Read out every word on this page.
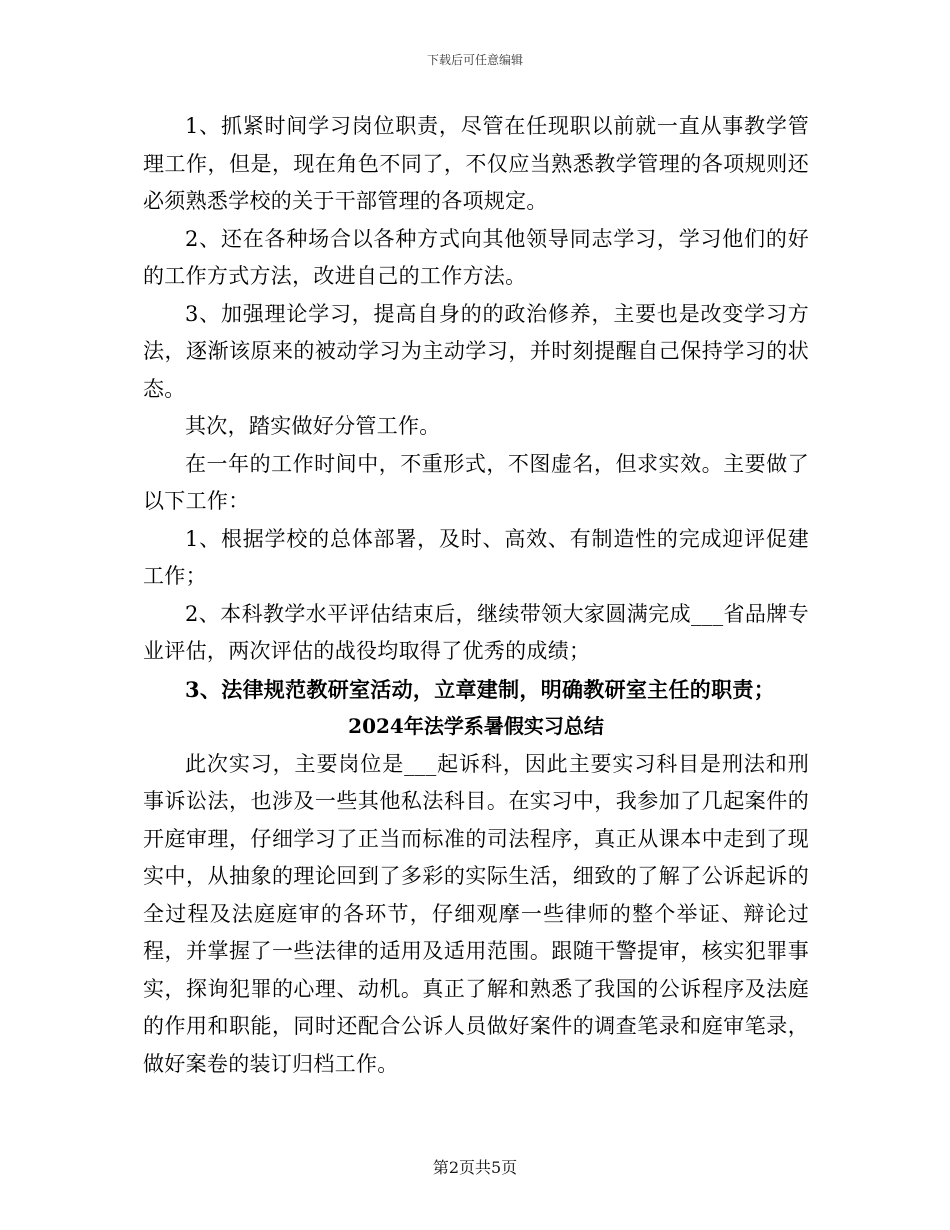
下载后可任意编辑

1、抓紧时间学习岗位职责，尽管在任现职以前就一直从事教学管理工作，但是，现在角色不同了，不仅应当熟悉教学管理的各项规则还必须熟悉学校的关于干部管理的各项规定。

2、还在各种场合以各种方式向其他领导同志学习，学习他们的好的工作方式方法，改进自己的工作方法。

3、加强理论学习，提高自身的的政治修养，主要也是改变学习方法，逐渐该原来的被动学习为主动学习，并时刻提醒自己保持学习的状态。

其次，踏实做好分管工作。

在一年的工作时间中，不重形式，不图虚名，但求实效。主要做了以下工作：

1、根据学校的总体部署，及时、高效、有制造性的完成迎评促建工作；

2、本科教学水平评估结束后，继续带领大家圆满完成___省品牌专业评估，两次评估的战役均取得了优秀的成绩；

3、法律规范教研室活动，立章建制，明确教研室主任的职责；

2024年法学系暑假实习总结

此次实习，主要岗位是___起诉科，因此主要实习科目是刑法和刑事诉讼法，也涉及一些其他私法科目。在实习中，我参加了几起案件的开庭审理，仔细学习了正当而标准的司法程序，真正从课本中走到了现实中，从抽象的理论回到了多彩的实际生活，细致的了解了公诉起诉的全过程及法庭庭审的各环节，仔细观摩一些律师的整个举证、辩论过程，并掌握了一些法律的适用及适用范围。跟随干警提审，核实犯罪事实，探询犯罪的心理、动机。真正了解和熟悉了我国的公诉程序及法庭的作用和职能，同时还配合公诉人员做好案件的调查笔录和庭审笔录，做好案卷的装订归档工作。

第2页共5页
